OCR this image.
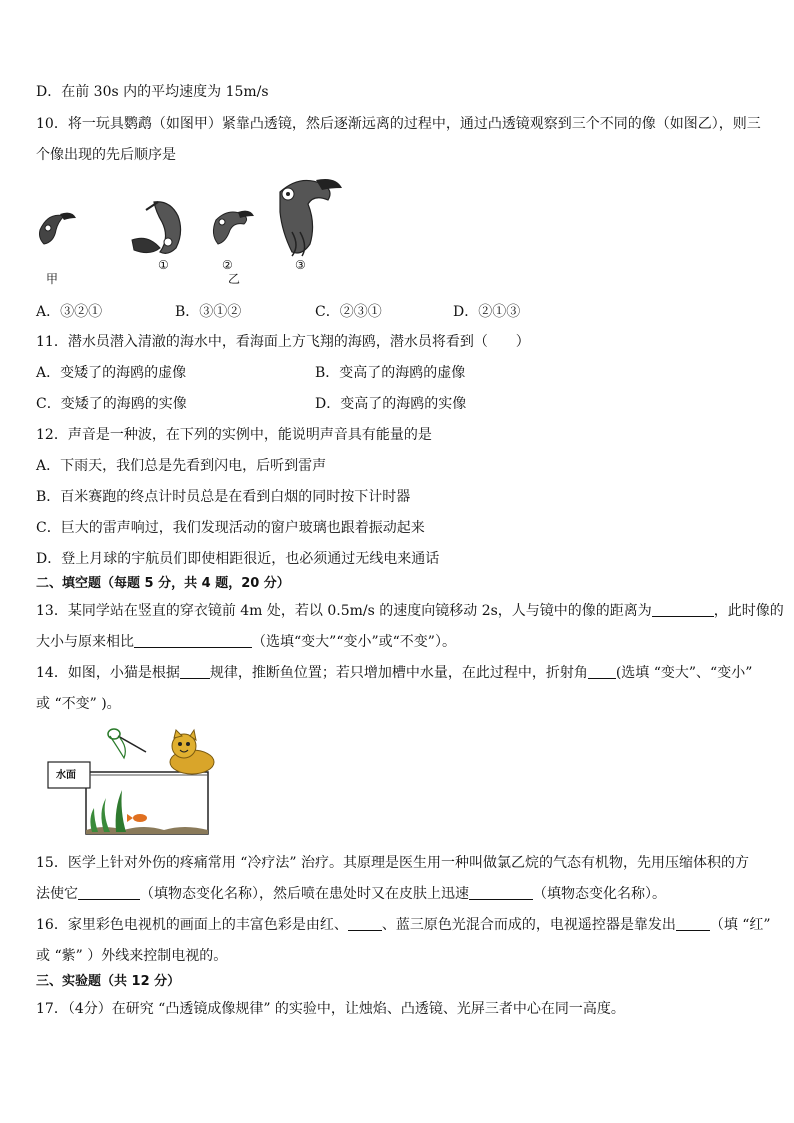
D．在前 30s 内的平均速度为 15m/s
10．将一玩具鹦鹉（如图甲）紧靠凸透镜，然后逐渐远离的过程中，通过凸透镜观察到三个不同的像（如图乙），则三
个像出现的先后顺序是
甲
①	②
乙
③
A．③②①	B．③①②	C．②③①	D．②①③
11．潜水员潜入清澈的海水中，看海面上方飞翔的海鸥，潜水员将看到（　　）
A．变矮了的海鸥的虚像	B．变高了的海鸥的虚像
C．变矮了的海鸥的实像	D．变高了的海鸥的实像
12．声音是一种波，在下列的实例中，能说明声音具有能量的是
A．下雨天，我们总是先看到闪电，后听到雷声
B．百米赛跑的终点计时员总是在看到白烟的同时按下计时器
C．巨大的雷声响过，我们发现活动的窗户玻璃也跟着振动起来
D．登上月球的宇航员们即使相距很近，也必须通过无线电来通话
二、填空题（每题 5 分，共 4 题，20 分）
13．某同学站在竖直的穿衣镜前 4m 处，若以 0.5m/s 的速度向镜移动 2s，人与镜中的像的距离为	，此时像的
大小与原来相比	（选填“变大”“变小”或“不变”）。
14．如图，小猫是根据 规律，推断鱼位置；若只增加槽中水量，在此过程中，折射角 (选填 “变大”、“变小”
或 “不变” )。
水面
15．医学上针对外伤的疼痛常用 “冷疗法” 治疗。其原理是医生用一种叫做氯乙烷的气态有机物，先用压缩体积的方
法使它	（填物态变化名称），然后喷在患处时又在皮肤上迅速	（填物态变化名称）。
16．家里彩色电视机的画面上的丰富色彩是由红、 、蓝三原色光混合而成的，电视遥控器是靠发出 （填 “红”
或 “紫” ）外线来控制电视的。
三、实验题（共 12 分）
17．（4分）在研究 “凸透镜成像规律” 的实验中，让烛焰、凸透镜、光屏三者中心在同一高度。
